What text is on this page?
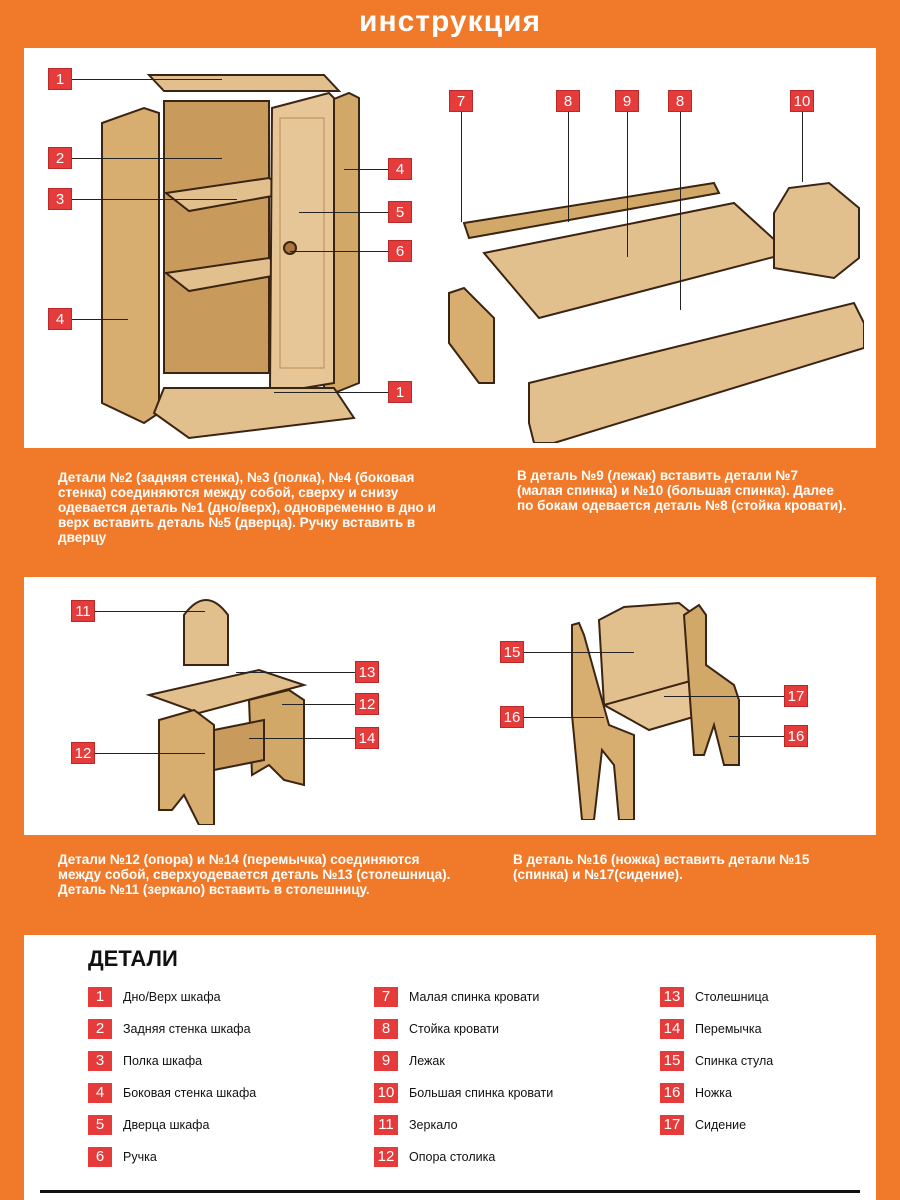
инструкция
1
2
3
4
4
5
6
1
7	8	9	8	10
Детали №2 (задняя стенка), №3 (полка), №4 (боковая стенка) соединяются между собой, сверху и снизу одевается деталь №1 (дно/верх), одновременно в дно и верх вставить деталь №5 (дверца). Ручку вставить в дверцу
В деталь №9 (лежак) вставить детали №7 (малая спинка) и №10 (большая спинка). Далее по бокам одевается деталь №8 (стойка кровати).
11
13
12
12
14
15
17
16
16
Детали №12 (опора) и №14 (перемычка) соединяются между собой, сверхуодевается деталь №13 (столешница). Деталь №11 (зеркало) вставить в столешницу.
В деталь №16 (ножка) вставить детали №15 (спинка) и №17(сидение).
ДЕТАЛИ
1	Дно/Верх шкафа
2	Задняя стенка шкафа
3	Полка шкафа
4	Боковая стенка шкафа
5	Дверца шкафа
6	Ручка
7	Малая спинка кровати
8	Стойка кровати
9	Лежак
10 Большая спинка кровати
11	Зеркало
12 Опора столика
13 Столешница
14 Перемычка
15 Спинка стула
16 Ножка
17 Сидение
